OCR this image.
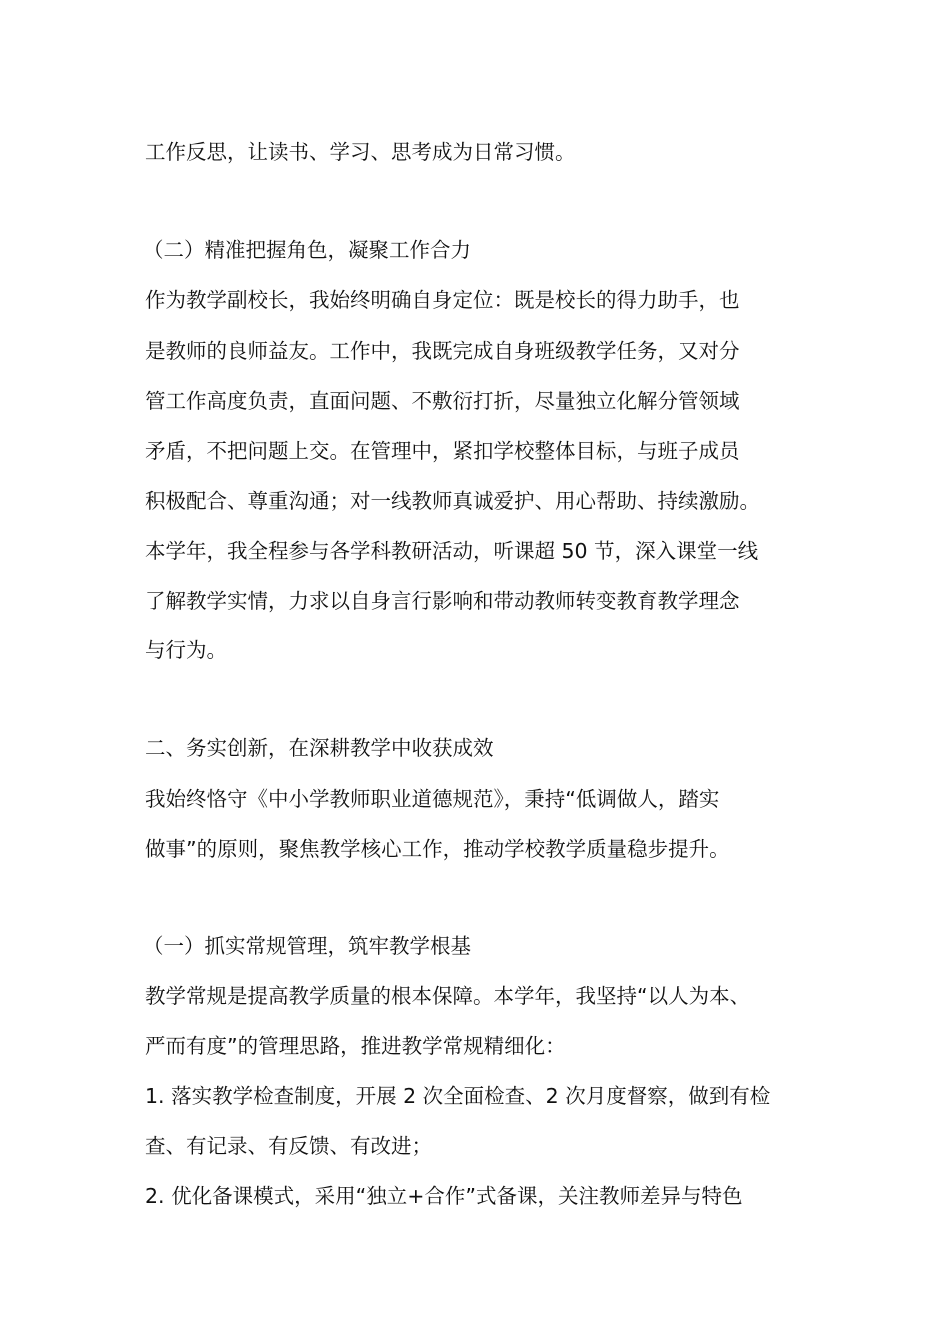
工作反思，让读书、学习、思考成为日常习惯。
（二）精准把握角色，凝聚工作合力
作为教学副校长，我始终明确自身定位：既是校长的得力助手，也
是教师的良师益友。工作中，我既完成自身班级教学任务，又对分
管工作高度负责，直面问题、不敷衍打折，尽量独立化解分管领域
矛盾，不把问题上交。在管理中，紧扣学校整体目标，与班子成员
积极配合、尊重沟通；对一线教师真诚爱护、用心帮助、持续激励。
本学年，我全程参与各学科教研活动，听课超 50 节，深入课堂一线
了解教学实情，力求以自身言行影响和带动教师转变教育教学理念
与行为。
二、务实创新，在深耕教学中收获成效
我始终恪守《中小学教师职业道德规范》，秉持“低调做人，踏实
做事”的原则，聚焦教学核心工作，推动学校教学质量稳步提升。
（一）抓实常规管理，筑牢教学根基
教学常规是提高教学质量的根本保障。本学年，我坚持“以人为本、
严而有度”的管理思路，推进教学常规精细化：
1. 落实教学检查制度，开展 2 次全面检查、2 次月度督察，做到有检
查、有记录、有反馈、有改进；
2. 优化备课模式，采用“独立+合作”式备课，关注教师差异与特色
